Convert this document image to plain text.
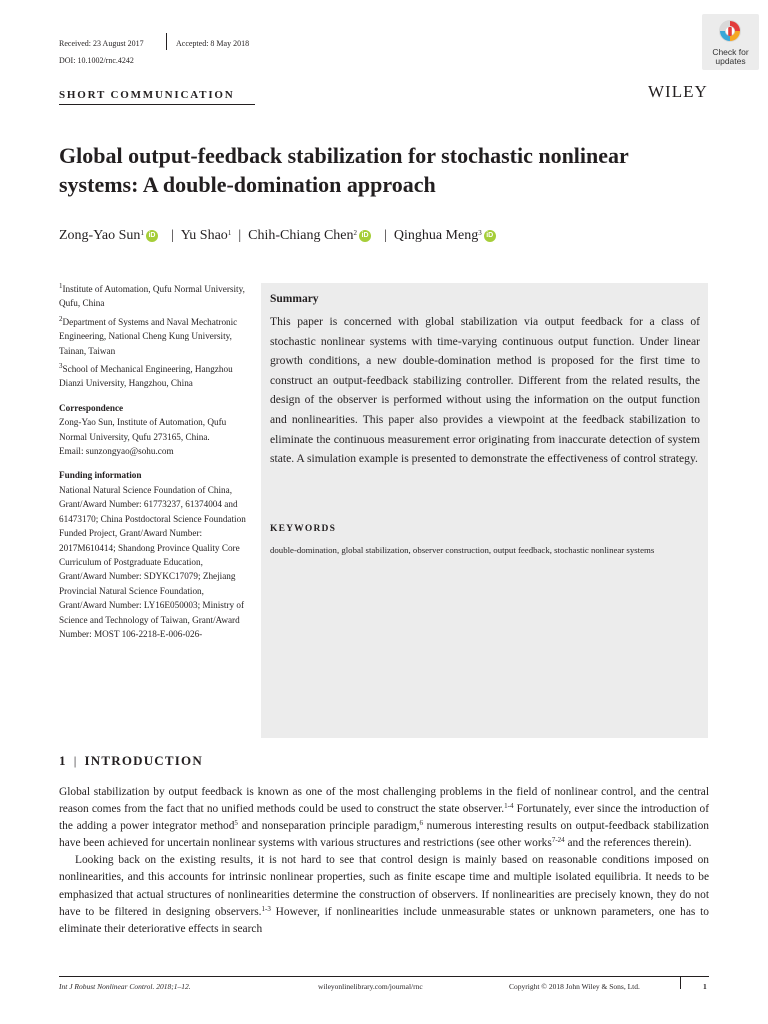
Received: 23 August 2017	Accepted: 8 May 2018
DOI: 10.1002/rnc.4242
Check for
updates
SHORT COMMUNICATION	WILEY
Global output-feedback stabilization for stochastic nonlinear systems: A double-domination approach
Zong-Yao Sun$^1$ iD | Yu Shao$^1$ | Chih-Chiang Chen$^2$ iD | Qinghua Meng$^3$ iD
$^1$Institute of Automation, Qufu Normal University, Qufu, China
$^2$Department of Systems and Naval Mechatronic Engineering, National Cheng Kung University, Tainan, Taiwan
$^3$School of Mechanical Engineering, Hangzhou Dianzi University, Hangzhou, China
Correspondence
Zong-Yao Sun, Institute of Automation, Qufu Normal University, Qufu 273165, China.
Email: sunzongyao@sohu.com
Funding information
National Natural Science Foundation of China, Grant/Award Number: 61773237, 61374004 and 61473170; China Postdoctoral Science Foundation Funded Project, Grant/Award Number: 2017M610414; Shandong Province Quality Core Curriculum of Postgraduate Education, Grant/Award Number: SDYKC17079; Zhejiang Provincial Natural Science Foundation, Grant/Award Number: LY16E050003; Ministry of Science and Technology of Taiwan, Grant/Award Number: MOST 106-2218-E-006-026-
Summary
This paper is concerned with global stabilization via output feedback for a class of stochastic nonlinear systems with time-varying continuous output function. Under linear growth conditions, a new double-domination method is proposed for the first time to construct an output-feedback stabilizing controller. Different from the related results, the design of the observer is performed without using the information on the output function and nonlinearities. This paper also provides a viewpoint at the feedback stabilization to eliminate the continuous measurement error originating from inaccurate detection of system state. A simulation example is presented to demonstrate the effectiveness of control strategy.
KEYWORDS
double-domination, global stabilization, observer construction, output feedback, stochastic nonlinear systems
1 | INTRODUCTION

Global stabilization by output feedback is known as one of the most challenging problems in the field of nonlinear control, and the central reason comes from the fact that no unified methods could be used to construct the state observer.$^{1-4}$ Fortunately, ever since the introduction of the adding a power integrator method$^5$ and nonseparation principle paradigm,$^6$ numerous interesting results on output-feedback stabilization have been achieved for uncertain nonlinear systems with various structures and restrictions (see other works$^{7-24}$ and the references therein).

Looking back on the existing results, it is not hard to see that control design is mainly based on reasonable conditions imposed on nonlinearities, and this accounts for intrinsic nonlinear properties, such as finite escape time and multiple isolated equilibria. It needs to be emphasized that actual structures of nonlinearities determine the construction of observers. If nonlinearities are precisely known, they do not have to be filtered in designing observers.$^{1-3}$ However, if nonlinearities include unmeasurable states or unknown parameters, one has to eliminate their deteriorative effects in search

Int J Robust Nonlinear Control. 2018;1–12.	wileyonlinelibrary.com/journal/rnc	Copyright © 2018 John Wiley & Sons, Ltd.	1
